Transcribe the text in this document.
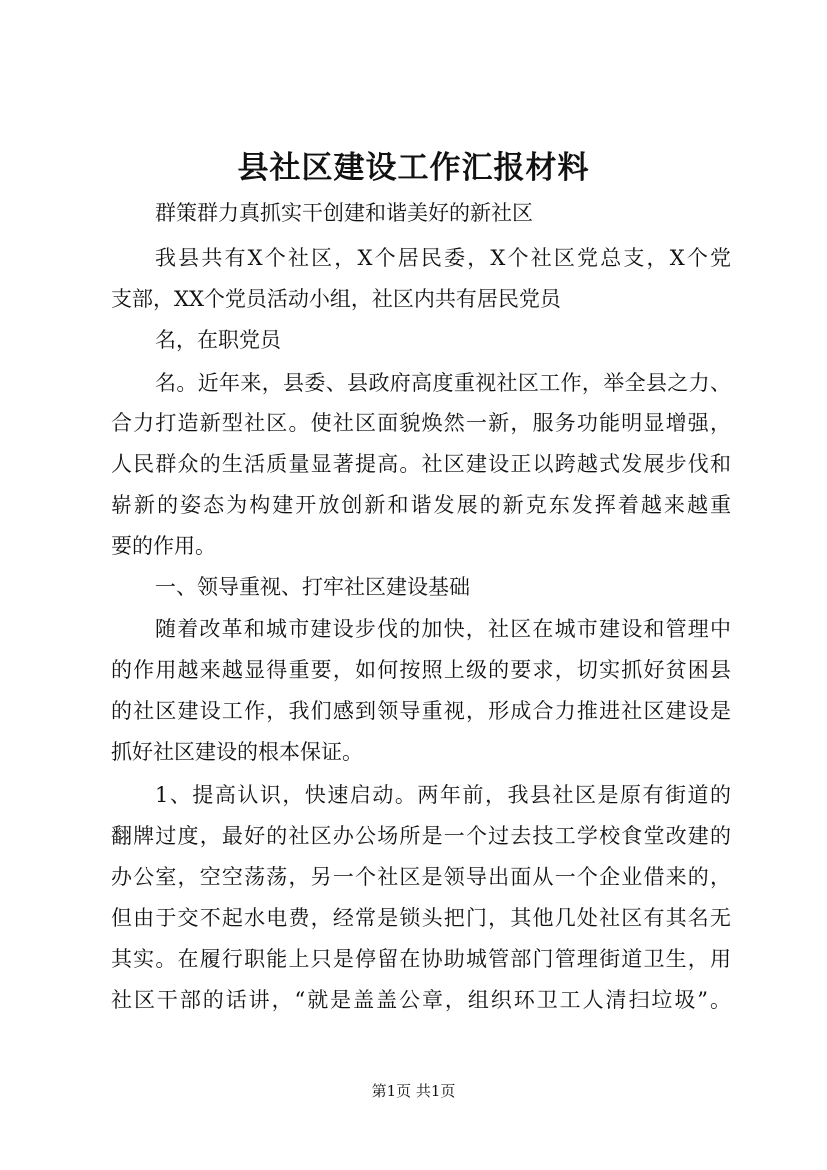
县社区建设工作汇报材料

群策群力真抓实干创建和谐美好的新社区

我县共有X个社区，X个居民委，X个社区党总支，X个党

支部，XX个党员活动小组，社区内共有居民党员

名，在职党员

名。近年来，县委、县政府高度重视社区工作，举全县之力、

合力打造新型社区。使社区面貌焕然一新，服务功能明显增强，

人民群众的生活质量显著提高。社区建设正以跨越式发展步伐和

崭新的姿态为构建开放创新和谐发展的新克东发挥着越来越重

要的作用。

一、领导重视、打牢社区建设基础

随着改革和城市建设步伐的加快，社区在城市建设和管理中

的作用越来越显得重要，如何按照上级的要求，切实抓好贫困县

的社区建设工作，我们感到领导重视，形成合力推进社区建设是

抓好社区建设的根本保证。

1、提高认识，快速启动。两年前，我县社区是原有街道的

翻牌过度，最好的社区办公场所是一个过去技工学校食堂改建的

办公室，空空荡荡，另一个社区是领导出面从一个企业借来的，

但由于交不起水电费，经常是锁头把门，其他几处社区有其名无

其实。在履行职能上只是停留在协助城管部门管理街道卫生，用

社区干部的话讲，“就是盖盖公章，组织环卫工人清扫垃圾”。

第1页 共1页
